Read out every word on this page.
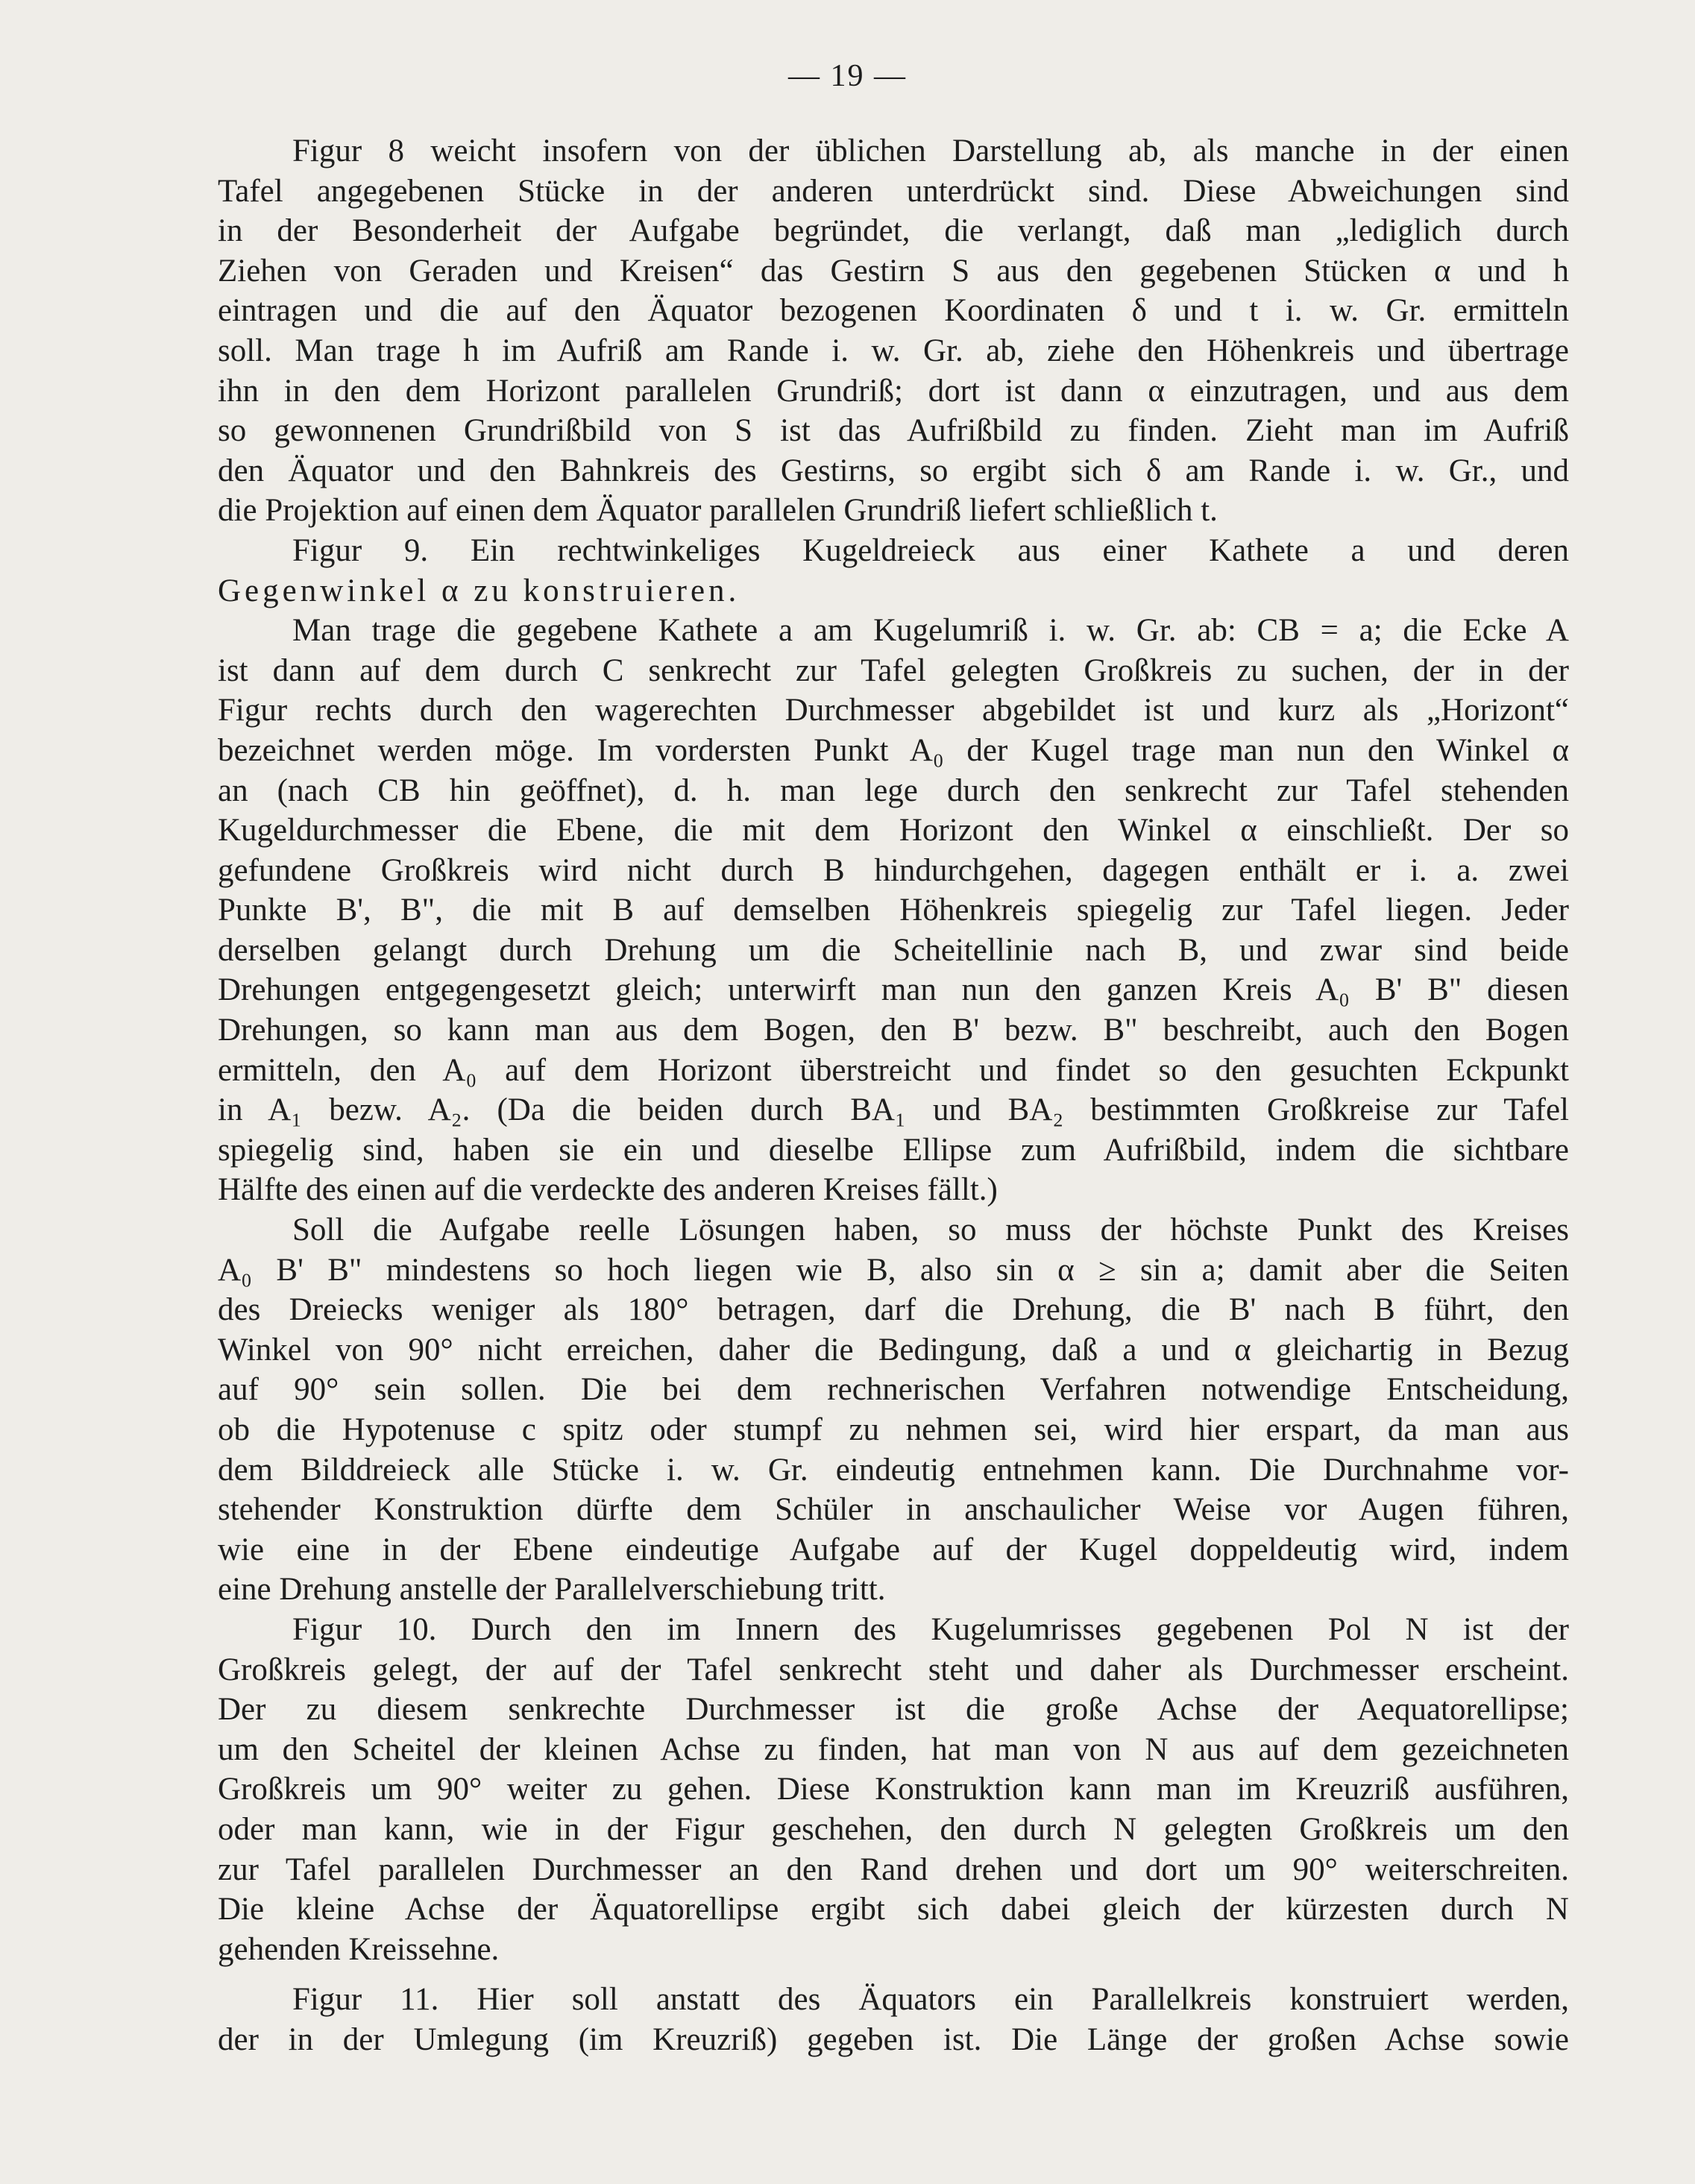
— 19 —
Figur 8 weicht insofern von der üblichen Darstellung ab, als manche in der einen
Tafel angegebenen Stücke in der anderen unterdrückt sind. Diese Abweichungen sind
in der Besonderheit der Aufgabe begründet, die verlangt, daß man „lediglich durch
Ziehen von Geraden und Kreisen“ das Gestirn S aus den gegebenen Stücken α und h
eintragen und die auf den Äquator bezogenen Koordinaten δ und t i. w. Gr. ermitteln
soll. Man trage h im Aufriß am Rande i. w. Gr. ab, ziehe den Höhenkreis und übertrage
ihn in den dem Horizont parallelen Grundriß; dort ist dann α einzutragen, und aus dem
so gewonnenen Grundrißbild von S ist das Aufrißbild zu finden. Zieht man im Aufriß
den Äquator und den Bahnkreis des Gestirns, so ergibt sich δ am Rande i. w. Gr., und
die Projektion auf einen dem Äquator parallelen Grundriß liefert schließlich t.
Figur 9. Ein rechtwinkeliges Kugeldreieck aus einer Kathete a und deren
Gegenwinkel α zu konstruieren.
Man trage die gegebene Kathete a am Kugelumriß i. w. Gr. ab: CB = a; die Ecke A
ist dann auf dem durch C senkrecht zur Tafel gelegten Großkreis zu suchen, der in der
Figur rechts durch den wagerechten Durchmesser abgebildet ist und kurz als „Horizont“
bezeichnet werden möge. Im vordersten Punkt A₀ der Kugel trage man nun den Winkel α
an (nach CB hin geöffnet), d. h. man lege durch den senkrecht zur Tafel stehenden
Kugeldurchmesser die Ebene, die mit dem Horizont den Winkel α einschließt. Der so
gefundene Großkreis wird nicht durch B hindurchgehen, dagegen enthält er i. a. zwei
Punkte B', B", die mit B auf demselben Höhenkreis spiegelig zur Tafel liegen. Jeder
derselben gelangt durch Drehung um die Scheitellinie nach B, und zwar sind beide
Drehungen entgegengesetzt gleich; unterwirft man nun den ganzen Kreis A₀ B' B" diesen
Drehungen, so kann man aus dem Bogen, den B' bezw. B" beschreibt, auch den Bogen
ermitteln, den A₀ auf dem Horizont überstreicht und findet so den gesuchten Eckpunkt
in A₁ bezw. A₂. (Da die beiden durch BA₁ und BA₂ bestimmten Großkreise zur Tafel
spiegelig sind, haben sie ein und dieselbe Ellipse zum Aufrißbild, indem die sichtbare
Hälfte des einen auf die verdeckte des anderen Kreises fällt.)
Soll die Aufgabe reelle Lösungen haben, so muss der höchste Punkt des Kreises
A₀ B' B" mindestens so hoch liegen wie B, also sin α ≥ sin a; damit aber die Seiten
des Dreiecks weniger als 180° betragen, darf die Drehung, die B' nach B führt, den
Winkel von 90° nicht erreichen, daher die Bedingung, daß a und α gleichartig in Bezug
auf 90° sein sollen. Die bei dem rechnerischen Verfahren notwendige Entscheidung,
ob die Hypotenuse c spitz oder stumpf zu nehmen sei, wird hier erspart, da man aus
dem Bilddreieck alle Stücke i. w. Gr. eindeutig entnehmen kann. Die Durchnahme vor-
stehender Konstruktion dürfte dem Schüler in anschaulicher Weise vor Augen führen,
wie eine in der Ebene eindeutige Aufgabe auf der Kugel doppeldeutig wird, indem
eine Drehung anstelle der Parallelverschiebung tritt.
Figur 10. Durch den im Innern des Kugelumrisses gegebenen Pol N ist der
Großkreis gelegt, der auf der Tafel senkrecht steht und daher als Durchmesser erscheint.
Der zu diesem senkrechte Durchmesser ist die große Achse der Aequatorellipse;
um den Scheitel der kleinen Achse zu finden, hat man von N aus auf dem gezeichneten
Großkreis um 90° weiter zu gehen. Diese Konstruktion kann man im Kreuzriß ausführen,
oder man kann, wie in der Figur geschehen, den durch N gelegten Großkreis um den
zur Tafel parallelen Durchmesser an den Rand drehen und dort um 90° weiterschreiten.
Die kleine Achse der Äquatorellipse ergibt sich dabei gleich der kürzesten durch N
gehenden Kreissehne.
Figur 11. Hier soll anstatt des Äquators ein Parallelkreis konstruiert werden,
der in der Umlegung (im Kreuzriß) gegeben ist. Die Länge der großen Achse sowie
